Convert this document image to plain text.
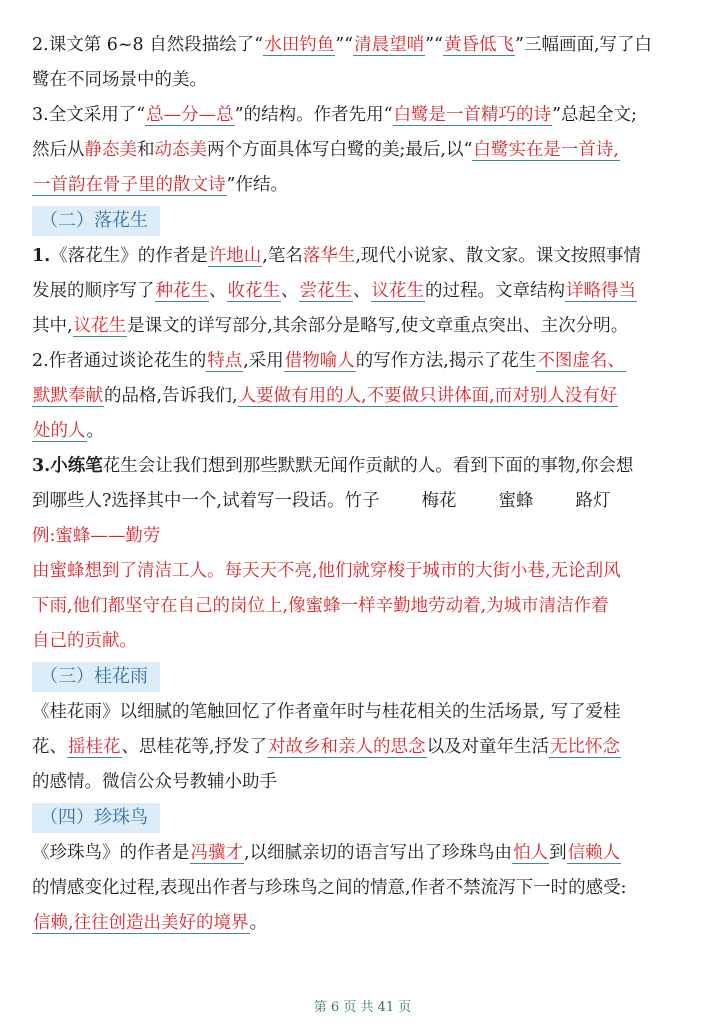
2.课文第 6~8 自然段描绘了“水田钓鱼”“清晨望哨”“黄昏低飞”三幅画面,写了白

鹭在不同场景中的美。

3.全文采用了“总—分—总”的结构。作者先用“白鹭是一首精巧的诗”总起全文;

然后从静态美和动态美两个方面具体写白鹭的美;最后,以“白鹭实在是一首诗,

一首韵在骨子里的散文诗”作结。

（二）落花生

1.《落花生》的作者是许地山,笔名落华生,现代小说家、散文家。课文按照事情

发展的顺序写了种花生、收花生、尝花生、议花生的过程。文章结构详略得当

其中,议花生是课文的详写部分,其余部分是略写,使文章重点突出、主次分明。

2.作者通过谈论花生的特点,采用借物喻人的写作方法,揭示了花生不图虚名、

默默奉献的品格,告诉我们,人要做有用的人,不要做只讲体面,而对别人没有好

处的人。

3.小练笔花生会让我们想到那些默默无闻作贡献的人。看到下面的事物,你会想

到哪些人?选择其中一个,试着写一段话。竹子 梅花 蜜蜂 路灯

例:蜜蜂——勤劳

由蜜蜂想到了清洁工人。每天天不亮,他们就穿梭于城市的大街小巷,无论刮风

下雨,他们都坚守在自己的岗位上,像蜜蜂一样辛勤地劳动着,为城市清洁作着

自己的贡献。

（三）桂花雨

《桂花雨》以细腻的笔触回忆了作者童年时与桂花相关的生活场景, 写了爱桂

花、摇桂花、思桂花等,抒发了对故乡和亲人的思念以及对童年生活无比怀念

的感情。微信公众号教辅小助手

（四）珍珠鸟

《珍珠鸟》的作者是冯骥才,以细腻亲切的语言写出了珍珠鸟由怕人到信赖人

的情感变化过程,表现出作者与珍珠鸟之间的情意,作者不禁流泻下一时的感受:

信赖,往往创造出美好的境界。

第 6 页 共 41 页
